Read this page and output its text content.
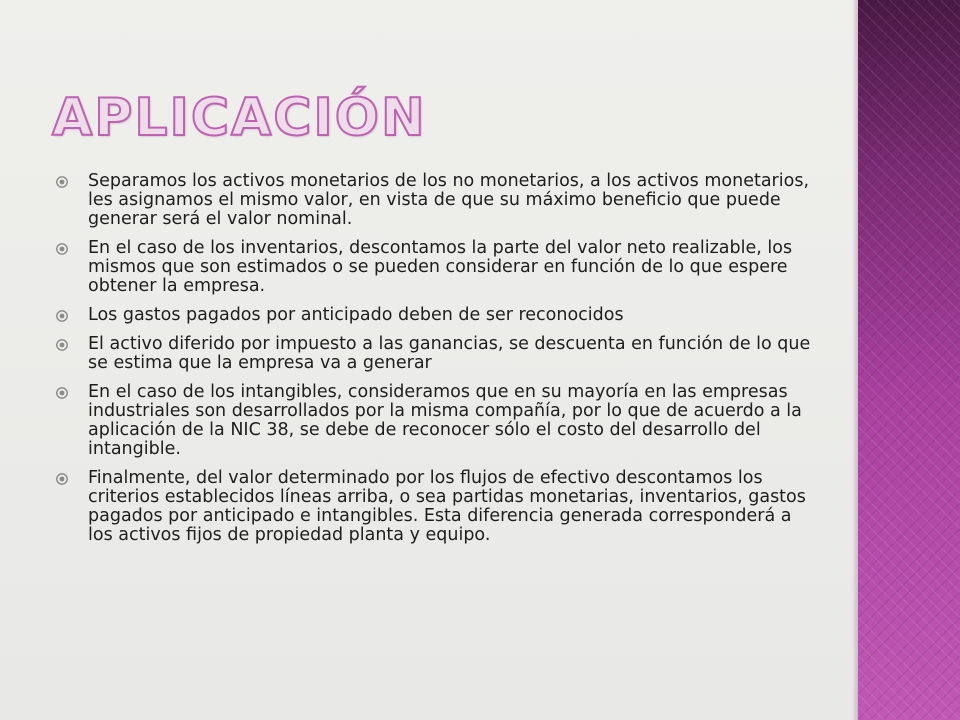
APLICACIÓN
Separamos los activos monetarios de los no monetarios, a los activos monetarios, les asignamos el mismo valor, en vista de que su máximo beneficio que puede generar será el valor nominal.
En el caso de los inventarios, descontamos la parte del valor neto realizable, los mismos que son estimados o se pueden considerar en función de lo que espere obtener la empresa.
Los gastos pagados por anticipado deben de ser reconocidos
El activo diferido por impuesto a las ganancias, se descuenta en función de lo que se estima que la empresa va a generar
En el caso de los intangibles, consideramos que en su mayoría en las empresas industriales son desarrollados por la misma compañía, por lo que de acuerdo a la aplicación de la NIC 38, se debe de reconocer sólo el costo del desarrollo del intangible.
Finalmente, del valor determinado por los flujos de efectivo descontamos los criterios establecidos líneas arriba, o sea partidas monetarias, inventarios, gastos pagados por anticipado e intangibles. Esta diferencia generada corresponderá a los activos fijos de propiedad planta y equipo.
